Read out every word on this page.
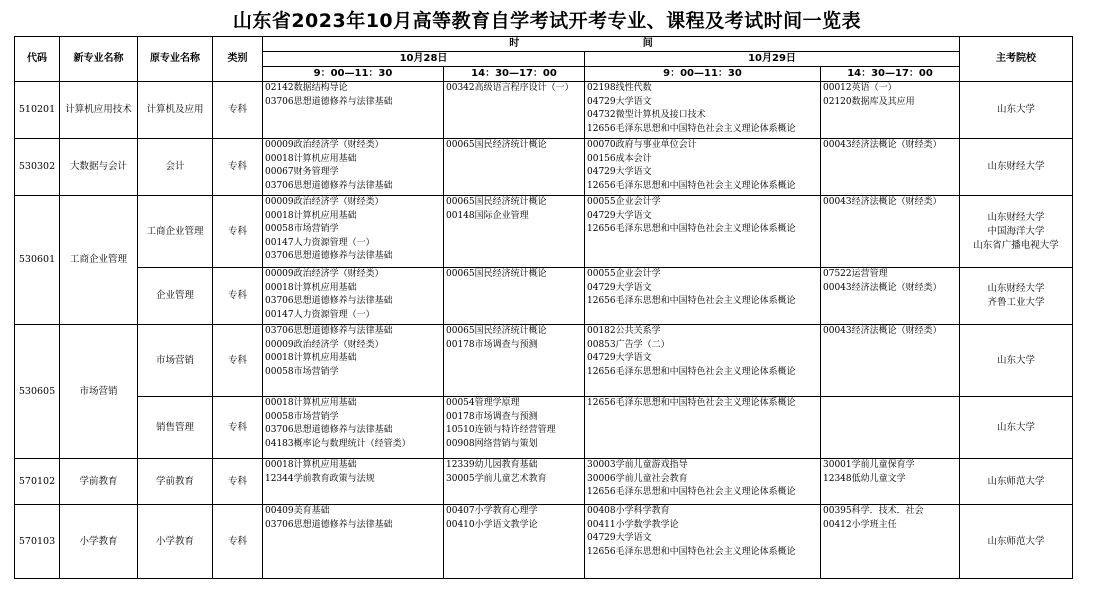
山东省2023年10月高等教育自学考试开考专业、课程及考试时间一览表
代码	新专业名称	原专业名称	类别	时 间				主考院校
				10月28日		10月29日		
				9：00—11：30	14：30—17：00	9：00—11：30	14：30—17：00	
510201	计算机应用技术	计算机及应用	专科	02142数据结构导论
03706思想道德修养与法律基础	00342高级语言程序设计（一）	02198线性代数
04729大学语文
04732微型计算机及接口技术
12656毛泽东思想和中国特色社会主义理论体系概论	00012英语（一）
02120数据库及其应用	山东大学

530302	大数据与会计	会计	专科	00009政治经济学（财经类）
00018计算机应用基础
00067财务管理学
03706思想道德修养与法律基础	00065国民经济统计概论	00070政府与事业单位会计
00156成本会计
04729大学语文
12656毛泽东思想和中国特色社会主义理论体系概论	00043经济法概论（财经类）	山东财经大学

530601	工商企业管理	工商企业管理	专科	00009政治经济学（财经类）
00018计算机应用基础
00058市场营销学
00147人力资源管理（一）
03706思想道德修养与法律基础	00065国民经济统计概论
00148国际企业管理	00055企业会计学
04729大学语文
12656毛泽东思想和中国特色社会主义理论体系概论	00043经济法概论（财经类）	山东财经大学
中国海洋大学
山东省广播电视大学

		企业管理	专科	00009政治经济学（财经类）
00018计算机应用基础
03706思想道德修养与法律基础
00147人力资源管理（一）	00065国民经济统计概论	00055企业会计学
04729大学语文
12656毛泽东思想和中国特色社会主义理论体系概论	07522运营管理
00043经济法概论（财经类）	山东财经大学
齐鲁工业大学

530605	市场营销	市场营销	专科	03706思想道德修养与法律基础
00009政治经济学（财经类）
00018计算机应用基础
00058市场营销学	00065国民经济统计概论
00178市场调查与预测	00182公共关系学
00853广告学（二）
04729大学语文
12656毛泽东思想和中国特色社会主义理论体系概论	00043经济法概论（财经类）	山东大学

		销售管理	专科	00018计算机应用基础
00058市场营销学
03706思想道德修养与法律基础
04183概率论与数理统计（经管类）	00054管理学原理
00178市场调查与预测
10510连锁与特许经营管理
00908网络营销与策划	12656毛泽东思想和中国特色社会主义理论体系概论		山东大学

570102	学前教育	学前教育	专科	00018计算机应用基础
12344学前教育政策与法规	12339幼儿园教育基础
30005学前儿童艺术教育	30003学前儿童游戏指导
30006学前儿童社会教育
12656毛泽东思想和中国特色社会主义理论体系概论	30001学前儿童保育学
12348低幼儿童文学	山东师范大学

570103	小学教育	小学教育	专科	00409美育基础
03706思想道德修养与法律基础	00407小学教育心理学
00410小学语文教学论	00408小学科学教育
00411小学数学教学论
04729大学语文
12656毛泽东思想和中国特色社会主义理论体系概论	00395科学．技术．社会
00412小学班主任	山东师范大学
